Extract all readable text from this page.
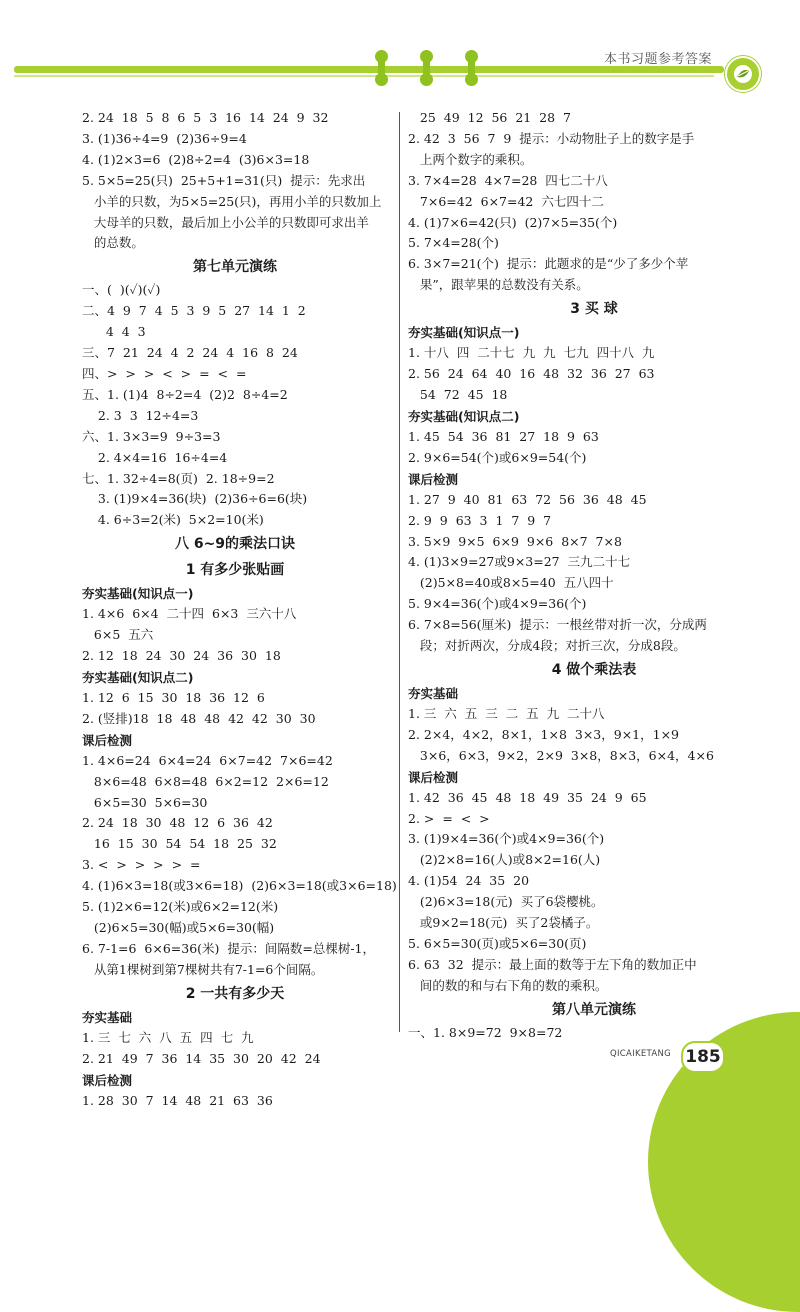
本书习题参考答案
2. 24  18  5  8  6  5  3  16  14  24  9  32
3. (1)36÷4=9  (2)36÷9=4
4. (1)2×3=6  (2)8÷2=4  (3)6×3=18
5. 5×5=25(只)  25+5+1=31(只)  提示：先求出
小羊的只数，为5×5=25(只)，再用小羊的只数加上
大母羊的只数，最后加上小公羊的只数即可求出羊
的总数。
第七单元演练
一、(  )(✓)(✓)
二、4  9  7  4  5  3  9  5  27  14  1  2
4  4  3
三、7  21  24  4  2  24  4  16  8  24
四、>  >  >  <  >  =  <  =
五、1. (1)4  8÷2=4  (2)2  8÷4=2
2. 3  3  12÷4=3
六、1. 3×3=9  9÷3=3
2. 4×4=16  16÷4=4
七、1. 32÷4=8(页)  2. 18÷9=2
3. (1)9×4=36(块)  (2)36÷6=6(块)
4. 6÷3=2(米)  5×2=10(米)
八 6~9的乘法口诀
1 有多少张贴画
夯实基础(知识点一)
1. 4×6  6×4  二十四  6×3  三六十八
6×5  五六
2. 12  18  24  30  24  36  30  18
夯实基础(知识点二)
1. 12  6  15  30  18  36  12  6
2. (竖排)18  18  48  48  42  42  30  30
课后检测
1. 4×6=24  6×4=24  6×7=42  7×6=42
8×6=48  6×8=48  6×2=12  2×6=12
6×5=30  5×6=30
2. 24  18  30  48  12  6  36  42
16  15  30  54  54  18  25  32
3. <  >  >  >  >  =
4. (1)6×3=18(或3×6=18)  (2)6×3=18(或3×6=18)
5. (1)2×6=12(米)或6×2=12(米)
(2)6×5=30(幅)或5×6=30(幅)
6. 7-1=6  6×6=36(米)  提示：间隔数=总棵树-1，
从第1棵树到第7棵树共有7-1=6个间隔。
2 一共有多少天
夯实基础
1. 三  七  六  八  五  四  七  九
2. 21  49  7  36  14  35  30  20  42  24
课后检测
1. 28  30  7  14  48  21  63  36
25  49  12  56  21  28  7
2. 42  3  56  7  9  提示：小动物肚子上的数字是手
上两个数字的乘积。
3. 7×4=28  4×7=28  四七二十八
7×6=42  6×7=42  六七四十二
4. (1)7×6=42(只)  (2)7×5=35(个)
5. 7×4=28(个)
6. 3×7=21(个)  提示：此题求的是“少了多少个苹
果”，跟苹果的总数没有关系。
3 买 球
夯实基础(知识点一)
1. 十八  四  二十七  九  九  七九  四十八  九
2. 56  24  64  40  16  48  32  36  27  63
54  72  45  18
夯实基础(知识点二)
1. 45  54  36  81  27  18  9  63
2. 9×6=54(个)或6×9=54(个)
课后检测
1. 27  9  40  81  63  72  56  36  48  45
2. 9  9  63  3  1  7  9  7
3. 5×9  9×5  6×9  9×6  8×7  7×8
4. (1)3×9=27或9×3=27  三九二十七
(2)5×8=40或8×5=40  五八四十
5. 9×4=36(个)或4×9=36(个)
6. 7×8=56(厘米)  提示：一根丝带对折一次，分成两
段；对折两次，分成4段；对折三次，分成8段。
4 做个乘法表
夯实基础
1. 三  六  五  三  二  五  九  二十八
2. 2×4，4×2，8×1，1×8  3×3，9×1，1×9
3×6，6×3，9×2，2×9  3×8，8×3，6×4，4×6
课后检测
1. 42  36  45  48  18  49  35  24  9  65
2. >  =  <  >
3. (1)9×4=36(个)或4×9=36(个)
(2)2×8=16(人)或8×2=16(人)
4. (1)54  24  35  20
(2)6×3=18(元)  买了6袋樱桃。
或9×2=18(元)  买了2袋橘子。
5. 6×5=30(页)或5×6=30(页)
6. 63  32  提示：最上面的数等于左下角的数加正中
间的数的和与右下角的数的乘积。
第八单元演练
一、1. 8×9=72  9×8=72
QICAIKETANG 185
